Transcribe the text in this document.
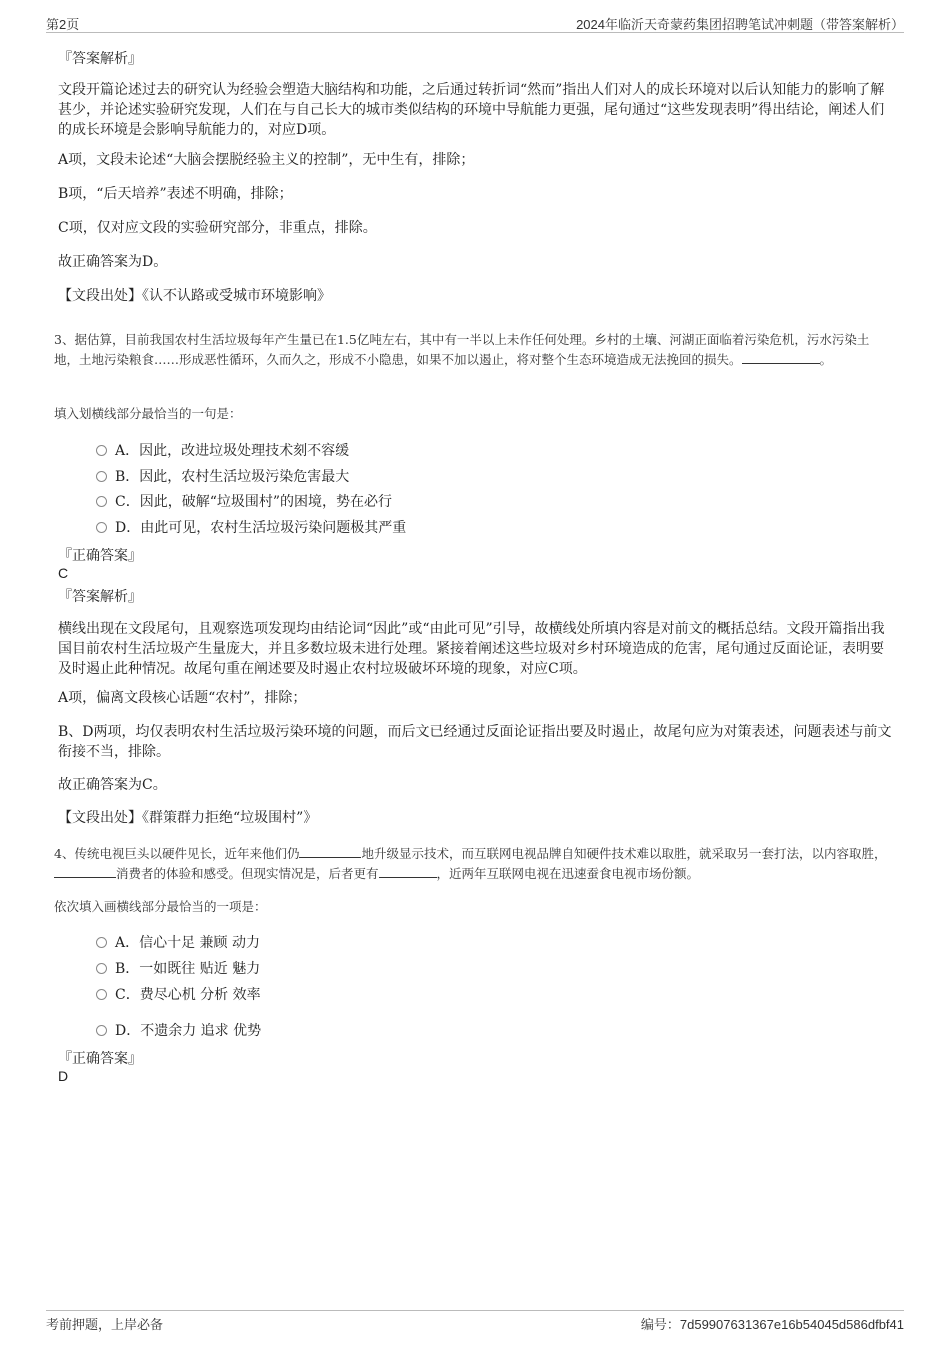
第2页	2024年临沂天奇蒙药集团招聘笔试冲刺题（带答案解析）
『答案解析』
文段开篇论述过去的研究认为经验会塑造大脑结构和功能，之后通过转折词“然而”指出人们对人的成长环境对以后认知能力的影响了解甚少，并论述实验研究发现，人们在与自己长大的城市类似结构的环境中导航能力更强，尾句通过“这些发现表明”得出结论，阐述人们的成长环境是会影响导航能力的，对应D项。
A项，文段未论述“大脑会摆脱经验主义的控制”，无中生有，排除；
B项，“后天培养”表述不明确，排除；
C项，仅对应文段的实验研究部分，非重点，排除。
故正确答案为D。
【文段出处】《认不认路或受城市环境影响》
3、据估算，目前我国农村生活垃圾每年产生量已在1.5亿吨左右，其中有一半以上未作任何处理。乡村的土壤、河湖正面临着污染危机，污水污染土地，土地污染粮食……形成恶性循环，久而久之，形成不小隐患，如果不加以遏止，将对整个生态环境造成无法挽回的损失。	。
填入划横线部分最恰当的一句是：
A．因此，改进垃圾处理技术刻不容缓
B．因此，农村生活垃圾污染危害最大
C．因此，破解“垃圾围村”的困境，势在必行
D．由此可见，农村生活垃圾污染问题极其严重
『正确答案』
C
『答案解析』
横线出现在文段尾句，且观察选项发现均由结论词“因此”或“由此可见”引导，故横线处所填内容是对前文的概括总结。文段开篇指出我国目前农村生活垃圾产生量庞大，并且多数垃圾未进行处理。紧接着阐述这些垃圾对乡村环境造成的危害，尾句通过反面论证，表明要及时遏止此种情况。故尾句重在阐述要及时遏止农村垃圾破坏环境的现象，对应C项。
A项，偏离文段核心话题“农村”，排除；
B、D两项，均仅表明农村生活垃圾污染环境的问题，而后文已经通过反面论证指出要及时遏止，故尾句应为对策表述，问题表述与前文衔接不当，排除。
故正确答案为C。
【文段出处】《群策群力拒绝“垃圾围村”》
4、传统电视巨头以硬件见长，近年来他们仍	地升级显示技术，而互联网电视品牌自知硬件技术难以取胜，就采取另一套打法，以内容取胜，消费者的体验和感受。但现实情况是，后者更有	，近两年互联网电视在迅速蚕食电视市场份额。
依次填入画横线部分最恰当的一项是：
A．信心十足 兼顾 动力
B．一如既往 贴近 魅力
C．费尽心机 分析 效率
D．不遗余力 追求 优势
『正确答案』
D
考前押题，上岸必备	编号：7d59907631367e16b54045d586dfbf41
